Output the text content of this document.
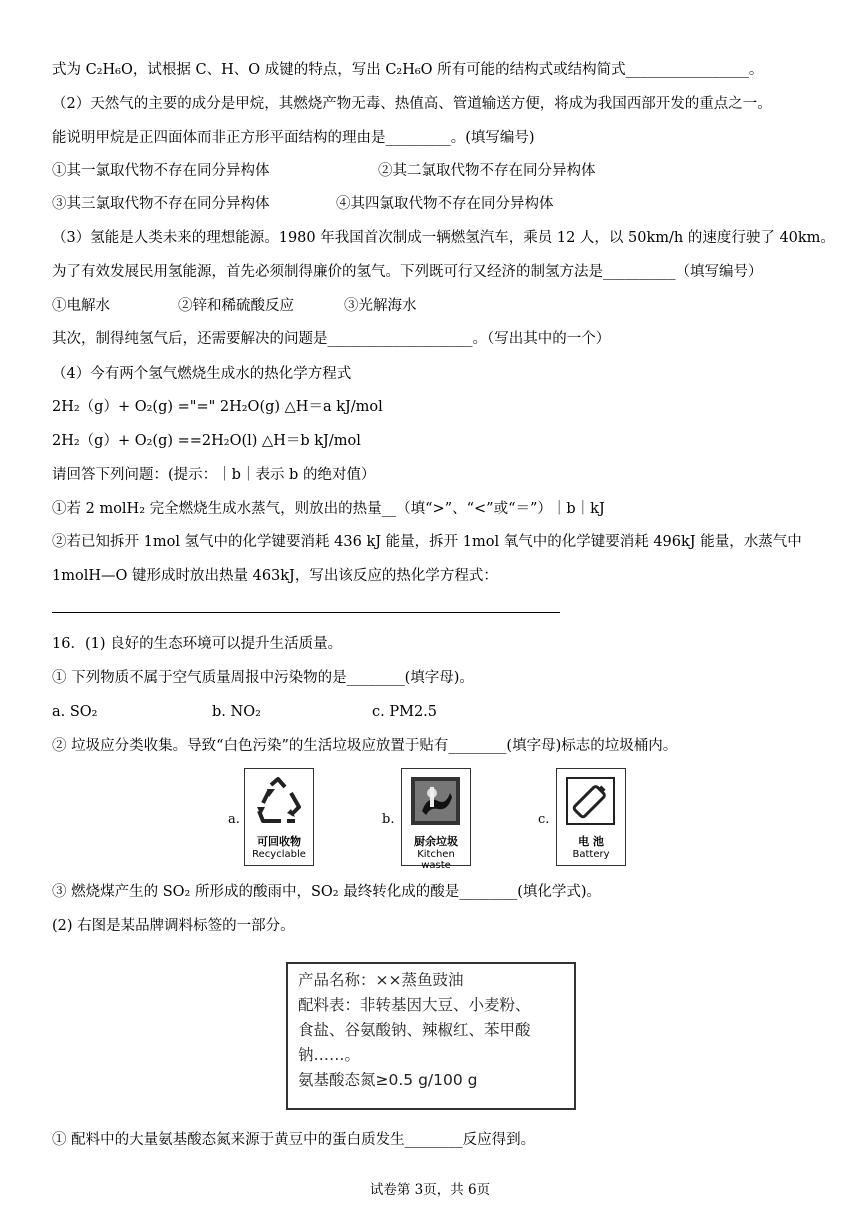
式为 C₂H₆O，试根据 C、H、O 成键的特点，写出 C₂H₆O 所有可能的结构式或结构简式_________________。
（2）天然气的主要的成分是甲烷，其燃烧产物无毒、热值高、管道输送方便，将成为我国西部开发的重点之一。
能说明甲烷是正四面体而非正方形平面结构的理由是_________。(填写编号)
①其一氯取代物不存在同分异构体	②其二氯取代物不存在同分异构体
③其三氯取代物不存在同分异构体	④其四氯取代物不存在同分异构体
（3）氢能是人类未来的理想能源。1980 年我国首次制成一辆燃氢汽车，乘员 12 人，以 50km/h 的速度行驶了 40km。
为了有效发展民用氢能源，首先必须制得廉价的氢气。下列既可行又经济的制氢方法是__________（填写编号）
①电解水	②锌和稀硫酸反应	③光解海水
其次，制得纯氢气后，还需要解决的问题是____________________。（写出其中的一个）
（4）今有两个氢气燃烧生成水的热化学方程式
2H₂（g）+ O₂(g) ="=" 2H₂O(g) △H＝a kJ/mol
2H₂（g）+ O₂(g) ==2H₂O(l) △H＝b kJ/mol
请回答下列问题：(提示：｜b｜表示 b 的绝对值）
①若 2 molH₂ 完全燃烧生成水蒸气，则放出的热量__（填“>”、“<”或“＝”）｜b｜kJ
②若已知拆开 1mol 氢气中的化学键要消耗 436 kJ 能量，拆开 1mol 氧气中的化学键要消耗 496kJ 能量，水蒸气中
1molH—O 键形成时放出热量 463kJ，写出该反应的热化学方程式：
16．(1) 良好的生态环境可以提升生活质量。
① 下列物质不属于空气质量周报中污染物的是________(填字母)。
a. SO₂	b. NO₂	c. PM2.5
② 垃圾应分类收集。导致“白色污染”的生活垃圾应放置于贴有________(填字母)标志的垃圾桶内。
a.
可回收物
Recyclable
b.
厨余垃圾
Kitchen waste
c.
电 池
Battery
③ 燃烧煤产生的 SO₂ 所形成的酸雨中，SO₂ 最终转化成的酸是________(填化学式)。
(2) 右图是某品牌调料标签的一部分。
产品名称：××蒸鱼豉油
配料表：非转基因大豆、小麦粉、
食盐、谷氨酸钠、辣椒红、苯甲酸
钠……。
氨基酸态氮≥0.5 g/100 g
① 配料中的大量氨基酸态氮来源于黄豆中的蛋白质发生________反应得到。
试卷第 3页，共 6页
